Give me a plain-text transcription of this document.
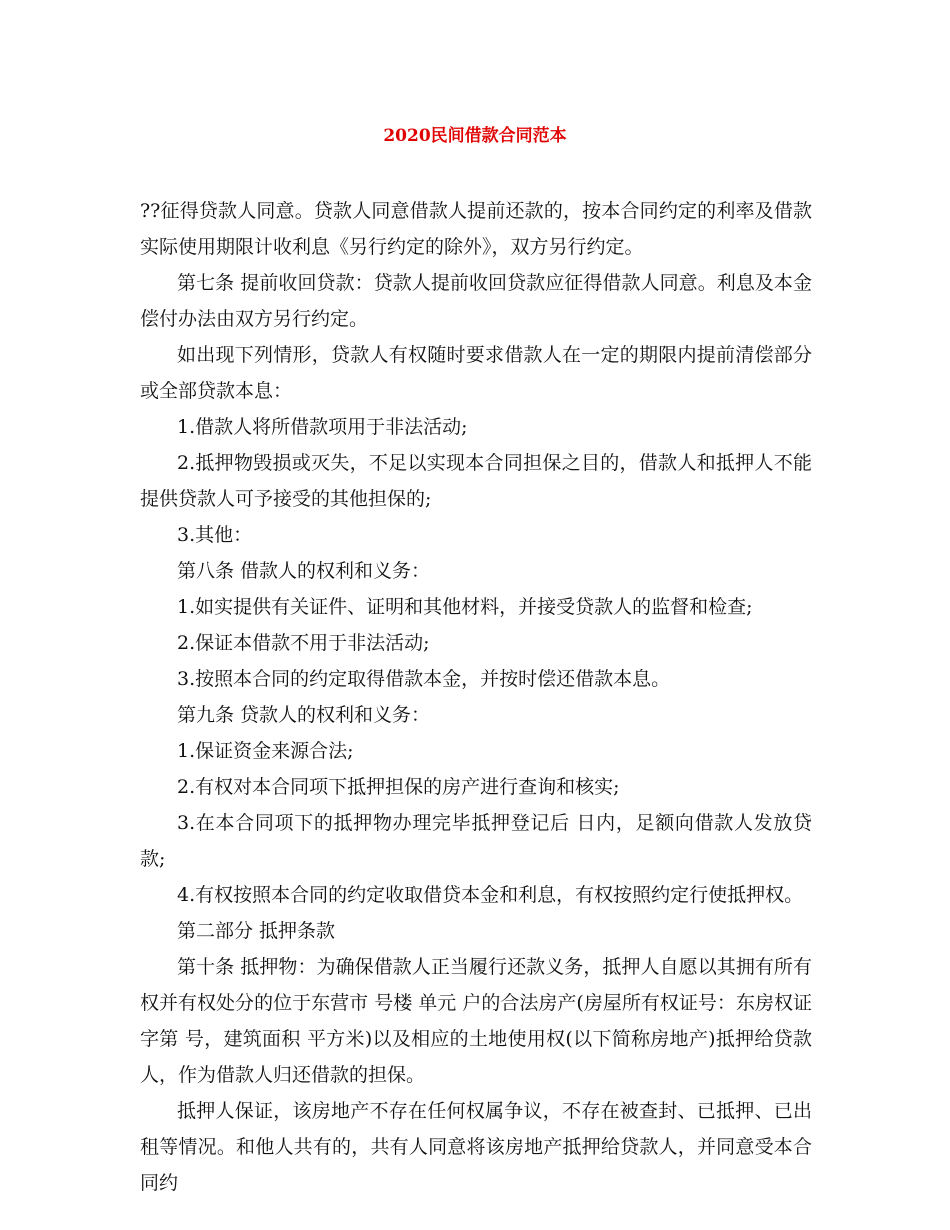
2020民间借款合同范本

??征得贷款人同意。贷款人同意借款人提前还款的，按本合同约定的利率及借款实际使用期限计收利息《另行约定的除外》，双方另行约定。

第七条 提前收回贷款：贷款人提前收回贷款应征得借款人同意。利息及本金偿付办法由双方另行约定。

如出现下列情形，贷款人有权随时要求借款人在一定的期限内提前清偿部分或全部贷款本息：

1.借款人将所借款项用于非法活动;

2.抵押物毁损或灭失，不足以实现本合同担保之目的，借款人和抵押人不能提供贷款人可予接受的其他担保的;

3.其他：

第八条 借款人的权利和义务：

1.如实提供有关证件、证明和其他材料，并接受贷款人的监督和检查;

2.保证本借款不用于非法活动;

3.按照本合同的约定取得借款本金，并按时偿还借款本息。

第九条 贷款人的权利和义务：

1.保证资金来源合法;

2.有权对本合同项下抵押担保的房产进行查询和核实;

3.在本合同项下的抵押物办理完毕抵押登记后 日内，足额向借款人发放贷款;

4.有权按照本合同的约定收取借贷本金和利息，有权按照约定行使抵押权。

第二部分 抵押条款

第十条 抵押物：为确保借款人正当履行还款义务，抵押人自愿以其拥有所有权并有权处分的位于东营市 号楼 单元 户的合法房产(房屋所有权证号：东房权证字第 号，建筑面积 平方米)以及相应的土地使用权(以下简称房地产)抵押给贷款人，作为借款人归还借款的担保。

抵押人保证，该房地产不存在任何权属争议，不存在被查封、已抵押、已出租等情况。和他人共有的，共有人同意将该房地产抵押给贷款人，并同意受本合同约
